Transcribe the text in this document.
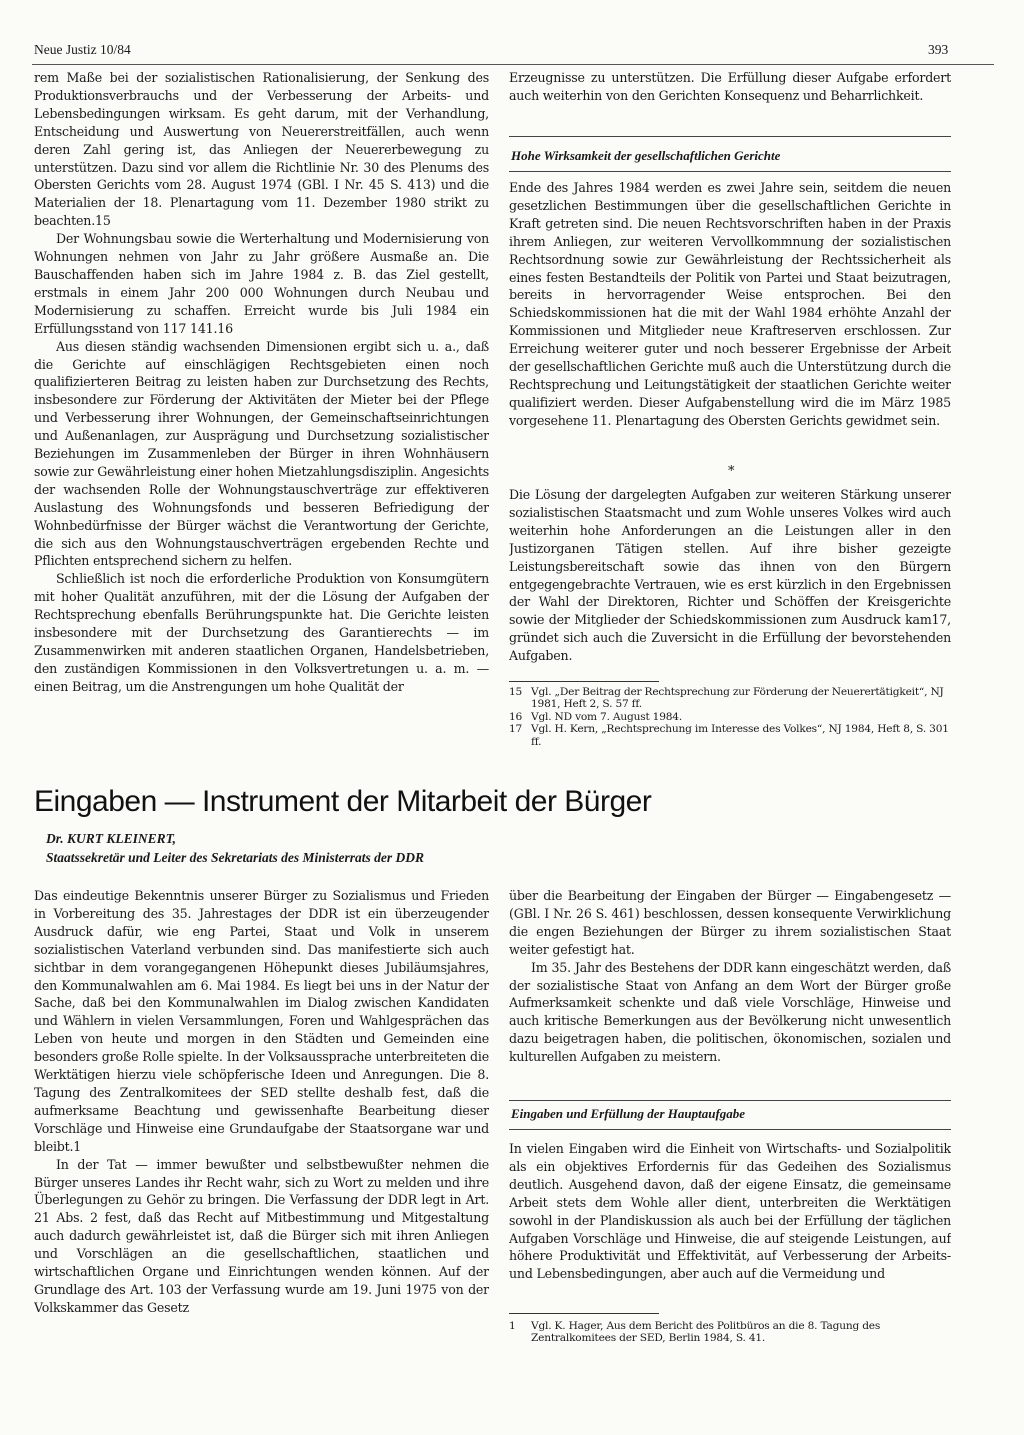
Neue Justiz 10/84	393

rem Maße bei der sozialistischen Rationalisierung, der Senkung des Produktionsverbrauchs und der Verbesserung der Arbeits- und Lebensbedingungen wirksam. Es geht darum, mit der Verhandlung, Entscheidung und Auswertung von Neuererstreitfällen, auch wenn deren Zahl gering ist, das Anliegen der Neuererbewegung zu unterstützen. Dazu sind vor allem die Richtlinie Nr. 30 des Plenums des Obersten Gerichts vom 28. August 1974 (GBl. I Nr. 45 S. 413) und die Materialien der 18. Plenartagung vom 11. Dezember 1980 strikt zu beachten.15

Der Wohnungsbau sowie die Werterhaltung und Modernisierung von Wohnungen nehmen von Jahr zu Jahr größere Ausmaße an. Die Bauschaffenden haben sich im Jahre 1984 z. B. das Ziel gestellt, erstmals in einem Jahr 200 000 Wohnungen durch Neubau und Modernisierung zu schaffen. Erreicht wurde bis Juli 1984 ein Erfüllungsstand von 117 141.16

Aus diesen ständig wachsenden Dimensionen ergibt sich u. a., daß die Gerichte auf einschlägigen Rechtsgebieten einen noch qualifizierteren Beitrag zu leisten haben zur Durchsetzung des Rechts, insbesondere zur Förderung der Aktivitäten der Mieter bei der Pflege und Verbesserung ihrer Wohnungen, der Gemeinschaftseinrichtungen und Außenanlagen, zur Ausprägung und Durchsetzung sozialistischer Beziehungen im Zusammenleben der Bürger in ihren Wohnhäusern sowie zur Gewährleistung einer hohen Mietzahlungsdisziplin. Angesichts der wachsenden Rolle der Wohnungstauschverträge zur effektiveren Auslastung des Wohnungsfonds und besseren Befriedigung der Wohnbedürfnisse der Bürger wächst die Verantwortung der Gerichte, die sich aus den Wohnungstauschverträgen ergebenden Rechte und Pflichten entsprechend sichern zu helfen.

Schließlich ist noch die erforderliche Produktion von Konsumgütern mit hoher Qualität anzuführen, mit der die Lösung der Aufgaben der Rechtsprechung ebenfalls Berührungspunkte hat. Die Gerichte leisten insbesondere mit der Durchsetzung des Garantierechts — im Zusammenwirken mit anderen staatlichen Organen, Handelsbetrieben, den zuständigen Kommissionen in den Volksvertretungen u. a. m. — einen Beitrag, um die Anstrengungen um hohe Qualität der

Erzeugnisse zu unterstützen. Die Erfüllung dieser Aufgabe erfordert auch weiterhin von den Gerichten Konsequenz und Beharrlichkeit.

Hohe Wirksamkeit der gesellschaftlichen Gerichte

Ende des Jahres 1984 werden es zwei Jahre sein, seitdem die neuen gesetzlichen Bestimmungen über die gesellschaftlichen Gerichte in Kraft getreten sind. Die neuen Rechtsvorschriften haben in der Praxis ihrem Anliegen, zur weiteren Vervollkommnung der sozialistischen Rechtsordnung sowie zur Gewährleistung der Rechtssicherheit als eines festen Bestandteils der Politik von Partei und Staat beizutragen, bereits in hervorragender Weise entsprochen. Bei den Schiedskommissionen hat die mit der Wahl 1984 erhöhte Anzahl der Kommissionen und Mitglieder neue Kraftreserven erschlossen. Zur Erreichung weiterer guter und noch besserer Ergebnisse der Arbeit der gesellschaftlichen Gerichte muß auch die Unterstützung durch die Rechtsprechung und Leitungstätigkeit der staatlichen Gerichte weiter qualifiziert werden. Dieser Aufgabenstellung wird die im März 1985 vorgesehene 11. Plenartagung des Obersten Gerichts gewidmet sein.

*

Die Lösung der dargelegten Aufgaben zur weiteren Stärkung unserer sozialistischen Staatsmacht und zum Wohle unseres Volkes wird auch weiterhin hohe Anforderungen an die Leistungen aller in den Justizorganen Tätigen stellen. Auf ihre bisher gezeigte Leistungsbereitschaft sowie das ihnen von den Bürgern entgegengebrachte Vertrauen, wie es erst kürzlich in den Ergebnissen der Wahl der Direktoren, Richter und Schöffen der Kreisgerichte sowie der Mitglieder der Schiedskommissionen zum Ausdruck kam17, gründet sich auch die Zuversicht in die Erfüllung der bevorstehenden Aufgaben.

15 Vgl. „Der Beitrag der Rechtsprechung zur Förderung der Neuerertätigkeit“, NJ 1981, Heft 2, S. 57 ff.
16 Vgl. ND vom 7. August 1984.
17 Vgl. H. Kern, „Rechtsprechung im Interesse des Volkes“, NJ 1984, Heft 8, S. 301 ff.
Eingaben — Instrument der Mitarbeit der Bürger
Dr. KURT KLEINERT,
Staatssekretär und Leiter des Sekretariats des Ministerrats der DDR

Das eindeutige Bekenntnis unserer Bürger zu Sozialismus und Frieden in Vorbereitung des 35. Jahrestages der DDR ist ein überzeugender Ausdruck dafür, wie eng Partei, Staat und Volk in unserem sozialistischen Vaterland verbunden sind. Das manifestierte sich auch sichtbar in dem vorangegangenen Höhepunkt dieses Jubiläumsjahres, den Kommunalwahlen am 6. Mai 1984. Es liegt bei uns in der Natur der Sache, daß bei den Kommunalwahlen im Dialog zwischen Kandidaten und Wählern in vielen Versammlungen, Foren und Wahlgesprächen das Leben von heute und morgen in den Städten und Gemeinden eine besonders große Rolle spielte. In der Volksaussprache unterbreiteten die Werktätigen hierzu viele schöpferische Ideen und Anregungen. Die 8. Tagung des Zentralkomitees der SED stellte deshalb fest, daß die aufmerksame Beachtung und gewissenhafte Bearbeitung dieser Vorschläge und Hinweise eine Grundaufgabe der Staatsorgane war und bleibt.1

In der Tat — immer bewußter und selbstbewußter nehmen die Bürger unseres Landes ihr Recht wahr, sich zu Wort zu melden und ihre Überlegungen zu Gehör zu bringen. Die Verfassung der DDR legt in Art. 21 Abs. 2 fest, daß das Recht auf Mitbestimmung und Mitgestaltung auch dadurch gewährleistet ist, daß die Bürger sich mit ihren Anliegen und Vorschlägen an die gesellschaftlichen, staatlichen und wirtschaftlichen Organe und Einrichtungen wenden können. Auf der Grundlage des Art. 103 der Verfassung wurde am 19. Juni 1975 von der Volkskammer das Gesetz

über die Bearbeitung der Eingaben der Bürger — Eingabengesetz — (GBl. I Nr. 26 S. 461) beschlossen, dessen konsequente Verwirklichung die engen Beziehungen der Bürger zu ihrem sozialistischen Staat weiter gefestigt hat.

Im 35. Jahr des Bestehens der DDR kann eingeschätzt werden, daß der sozialistische Staat von Anfang an dem Wort der Bürger große Aufmerksamkeit schenkte und daß viele Vorschläge, Hinweise und auch kritische Bemerkungen aus der Bevölkerung nicht unwesentlich dazu beigetragen haben, die politischen, ökonomischen, sozialen und kulturellen Aufgaben zu meistern.

Eingaben und Erfüllung der Hauptaufgabe

In vielen Eingaben wird die Einheit von Wirtschafts- und Sozialpolitik als ein objektives Erfordernis für das Gedeihen des Sozialismus deutlich. Ausgehend davon, daß der eigene Einsatz, die gemeinsame Arbeit stets dem Wohle aller dient, unterbreiten die Werktätigen sowohl in der Plandiskussion als auch bei der Erfüllung der täglichen Aufgaben Vorschläge und Hinweise, die auf steigende Leistungen, auf höhere Produktivität und Effektivität, auf Verbesserung der Arbeits- und Lebensbedingungen, aber auch auf die Vermeidung und

1	Vgl. K. Hager, Aus dem Bericht des Politbüros an die 8. Tagung des Zentralkomitees der SED, Berlin 1984, S. 41.
